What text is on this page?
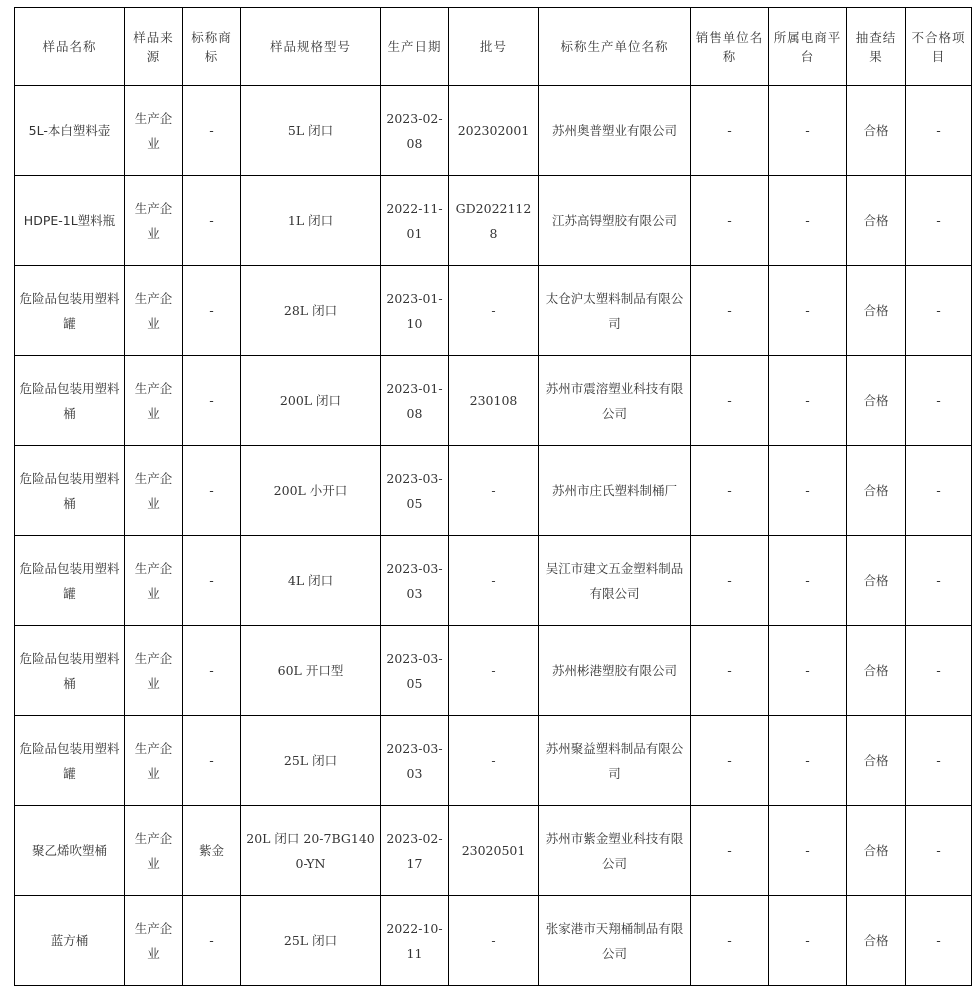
样品名称	样品来源	标称商标	样品规格型号	生产日期	批号	标称生产单位名称	销售单位名称	所属电商平台	抽查结果	不合格项目
5L-本白塑料壶	生产企业	-	5L 闭口	2023-02-08	202302001	苏州奥普塑业有限公司	-	-	合格	-
HDPE-1L塑料瓶	生产企业	-	1L 闭口	2022-11-01	GD20221128	江苏高锝塑胶有限公司	-	-	合格	-
危险品包装用塑料罐	生产企业	-	28L 闭口	2023-01-10	-	太仓沪太塑料制品有限公司	-	-	合格	-
危险品包装用塑料桶	生产企业	-	200L 闭口	2023-01-08	230108	苏州市震溶塑业科技有限公司	-	-	合格	-
危险品包装用塑料桶	生产企业	-	200L 小开口	2023-03-05	-	苏州市庄氏塑料制桶厂	-	-	合格	-
危险品包装用塑料罐	生产企业	-	4L 闭口	2023-03-03	-	吴江市建文五金塑料制品有限公司	-	-	合格	-
危险品包装用塑料桶	生产企业	-	60L 开口型	2023-03-05	-	苏州彬港塑胶有限公司	-	-	合格	-
危险品包装用塑料罐	生产企业	-	25L 闭口	2023-03-03	-	苏州聚益塑料制品有限公司	-	-	合格	-
聚乙烯吹塑桶	生产企业	紫金	20L 闭口 20-7BG1400-YN	2023-02-17	23020501	苏州市紫金塑业科技有限公司	-	-	合格	-
蓝方桶	生产企业	-	25L 闭口	2022-10-11	-	张家港市天翔桶制品有限公司	-	-	合格	-
